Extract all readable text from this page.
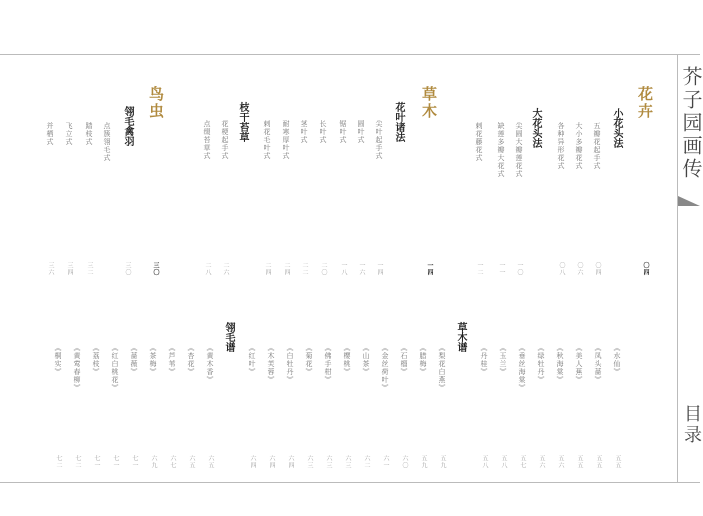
芥子园画传
目录
花卉
草木
鸟虫
小花头法
大花头法
花叶诸法
枝干苔草
翎毛禽羽
草木谱
翎毛谱
〇四
一四
三〇
五瓣花起手式
〇四
大小多瓣花式
〇六
各种异形花式
〇八
尖圆大瓣莲花式
一〇
缺莲多瓣大花式
一一
刺花藤花式
一二
尖叶起手式
一四
圆叶式
一六
锯叶式
一八
长叶式
二〇
茎叶式
二二
耐寒厚叶式
二四
刺花毛叶式
二四
花梗起手式
二六
点缀苔草式
二八
点簇翎毛式
三〇
踏枝式
三二
飞立式
三四
并栖式
三六
《水仙》
五五
《凤头蔷》
五五
《美人蕉》
五五
《秋海棠》
五六
《绿牡丹》
五六
《垂丝海棠》
五七
《玉兰》
五八
《丹桂》
五八
《梨花白燕》
五九
《腊梅》
五九
《石榴》
六〇
《金丝荷叶》
六一
《山茶》
六二
《樱桃》
六三
《佛手柑》
六三
《菊花》
六三
《白牡丹》
六四
《木芙蓉》
六四
《红叶》
六四
《黄木香》
六五
《杏花》
六五
《芦苇》
六七
《茶梅》
六九
《蔷薇》
七一
《红白桃花》
七一
《荔枝》
七一
《黄莺春柳》
七二
《桐实》
七二
